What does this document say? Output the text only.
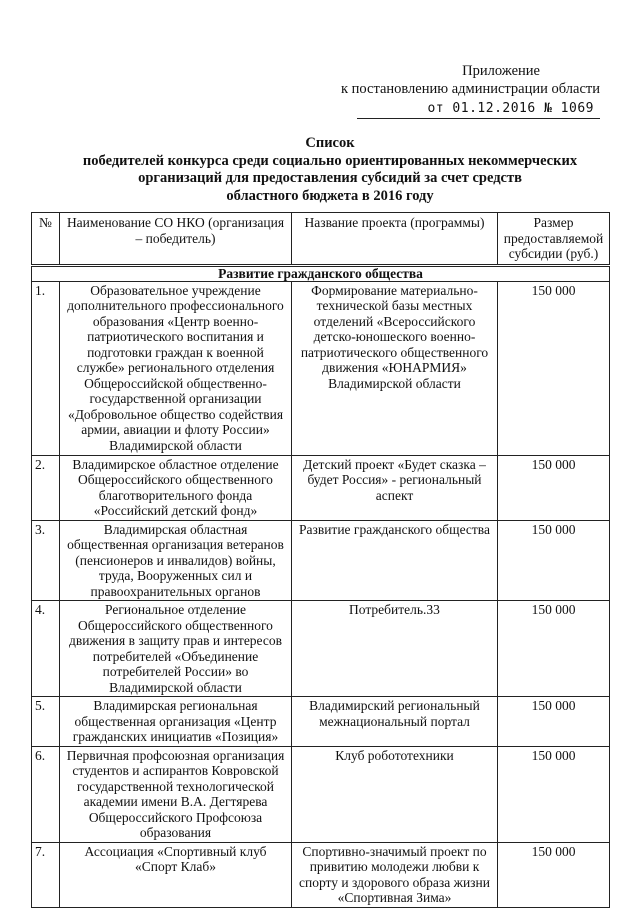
Приложение
к постановлению администрации области
от 01.12.2016 № 1069
Список
победителей конкурса среди социально ориентированных некоммерческих
организаций для предоставления субсидий за счет средств
областного бюджета в 2016 году
№	Наименование СО НКО (организация – победитель)	Название проекта (программы)	Размер предоставляемой субсидии (руб.)
Развитие гражданского общества			
1.	Образовательное учреждение дополнительного профессионального образования «Центр военно-патриотического воспитания и подготовки граждан к военной службе» регионального отделения Общероссийской общественно-государственной организации «Добровольное общество содействия армии, авиации и флоту России» Владимирской области	Формирование материально-технической базы местных отделений «Всероссийского детско-юношеского военно-патриотического общественного движения «ЮНАРМИЯ» Владимирской области	150 000
2.	Владимирское областное отделение Общероссийского общественного благотворительного фонда «Российский детский фонд»	Детский проект «Будет сказка – будет Россия» - региональный аспект	150 000
3.	Владимирская областная общественная организация ветеранов (пенсионеров и инвалидов) войны, труда, Вооруженных сил и правоохранительных органов	Развитие гражданского общества	150 000
4.	Региональное отделение Общероссийского общественного движения в защиту прав и интересов потребителей «Объединение потребителей России» во Владимирской области	Потребитель.33	150 000
5.	Владимирская региональная общественная организация «Центр гражданских инициатив «Позиция»	Владимирский региональный межнациональный портал	150 000
6.	Первичная профсоюзная организация студентов и аспирантов Ковровской государственной технологической академии имени В.А. Дегтярева Общероссийского Профсоюза образования	Клуб робототехники	150 000
7.	Ассоциация «Спортивный клуб «Спорт Клаб»	Спортивно-значимый проект по привитию молодежи любви к спорту и здорового образа жизни «Спортивная Зима»	150 000
